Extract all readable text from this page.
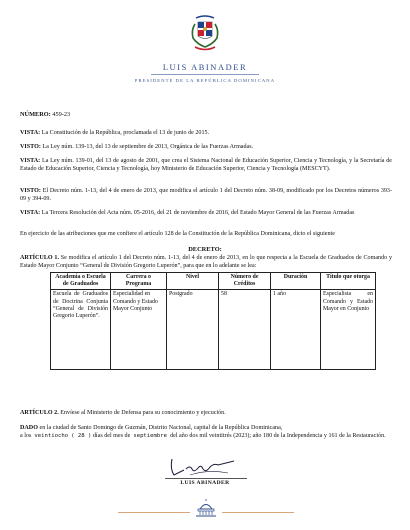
LUIS ABINADER
PRESIDENTE DE LA REPÚBLICA DOMINICANA
NÚMERO: 459-23
VISTA: La Constitución de la República, proclamada el 13 de junio de 2015.
VISTO: La Ley núm. 139-13, del 13 de septiembre de 2013, Orgánica de las Fuerzas Armadas.
VISTA: La Ley núm. 139-01, del 13 de agosto de 2001, que crea el Sistema Nacional de Educación Superior, Ciencia y Tecnología, y la Secretaría de Estado de Educación Superior, Ciencia y Tecnología, hoy Ministerio de Educación Superior, Ciencia y Tecnología (MESCYT).
VISTO: El Decreto núm. 1-13, del 4 de enero de 2013, que modifica el artículo 1 del Decreto núm. 38-09, modificado por los Decretos números 393-09 y 394-09.
VISTA: La Tercera Resolución del Acta núm. 05-2016, del 21 de noviembre de 2016, del Estado Mayor General de las Fuerzas Armadas
En ejercicio de las atribuciones que me confiere el artículo 128 de la Constitución de la República Dominicana, dicto el siguiente
DECRETO:
ARTÍCULO 1. Se modifica el artículo 1 del Decreto núm. 1-13, del 4 de enero de 2013, en lo que respecta a la Escuela de Graduados de Comando y Estado Mayor Conjunto “General de División Gregorio Luperón”, para que en lo adelante se lea:
Academia o Escuela de Graduados	Carrera o Programa	Nivel	Número de Créditos	Duración	Título que otorga
Escuela de Graduados de Doctrina Conjunta “General de División Gregorio Luperón”.	Especialidad en Comando y Estado Mayor Conjunto	Postgrado	58	1 año	Especialista en Comando y Estado Mayor en Conjunto
ARTÍCULO 2. Envíese al Ministerio de Defensa para su conocimiento y ejecución.
DADO en la ciudad de Santo Domingo de Guzmán, Distrito Nacional, capital de la República Dominicana,
a los veintiocho ( 28 ) días del mes de septiembre del año dos mil veintitrés (2023); año 180 de la Independencia y 161 de la Restauración.
LUIS ABINADER
